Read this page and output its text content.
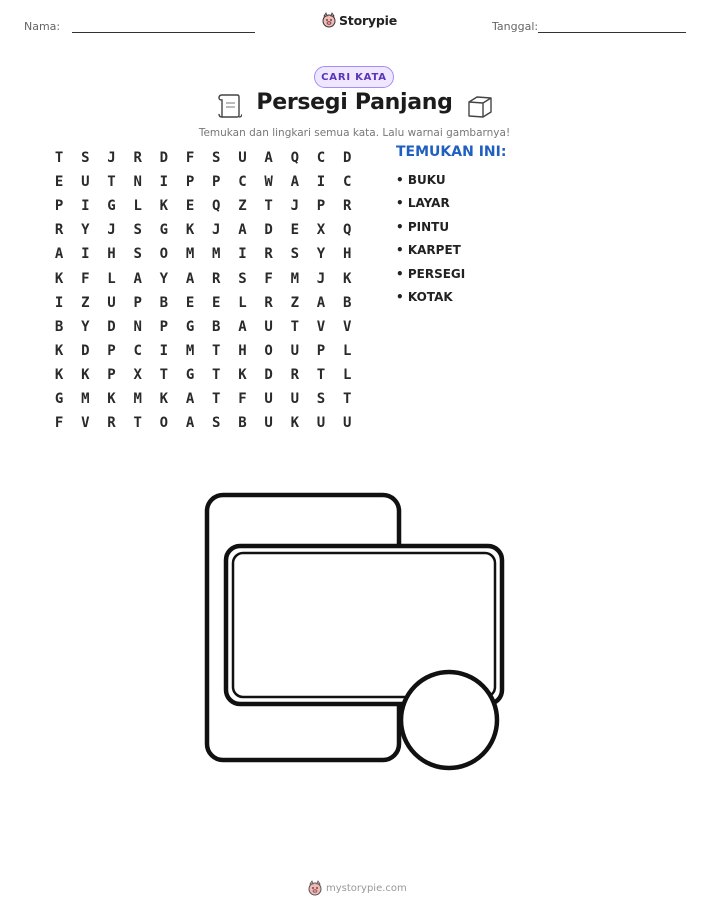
Nama:	Storypie	Tanggal:
CARI KATA
Persegi Panjang
Temukan dan lingkari semua kata. Lalu warnai gambarnya!
T	S	J	R	D	F	S	U	A	Q	C	D
E	U	T	N	I	P	P	C	W	A	I	C
P	I	G	L	K	E	Q	Z	T	J	P	R
R	Y	J	S	G	K	J	A	D	E	X	Q
A	I	H	S	O	M	M	I	R	S	Y	H
K	F	L	A	Y	A	R	S	F	M	J	K
I	Z	U	P	B	E	E	L	R	Z	A	B
B	Y	D	N	P	G	B	A	U	T	V	V
K	D	P	C	I	M	T	H	O	U	P	L
K	K	P	X	T	G	T	K	D	R	T	L
G	M	K	M	K	A	T	F	U	U	S	T
F	V	R	T	O	A	S	B	U	K	U	U
TEMUKAN INI:
• BUKU
• LAYAR
• PINTU
• KARPET
• PERSEGI
• KOTAK
mystorypie.com
